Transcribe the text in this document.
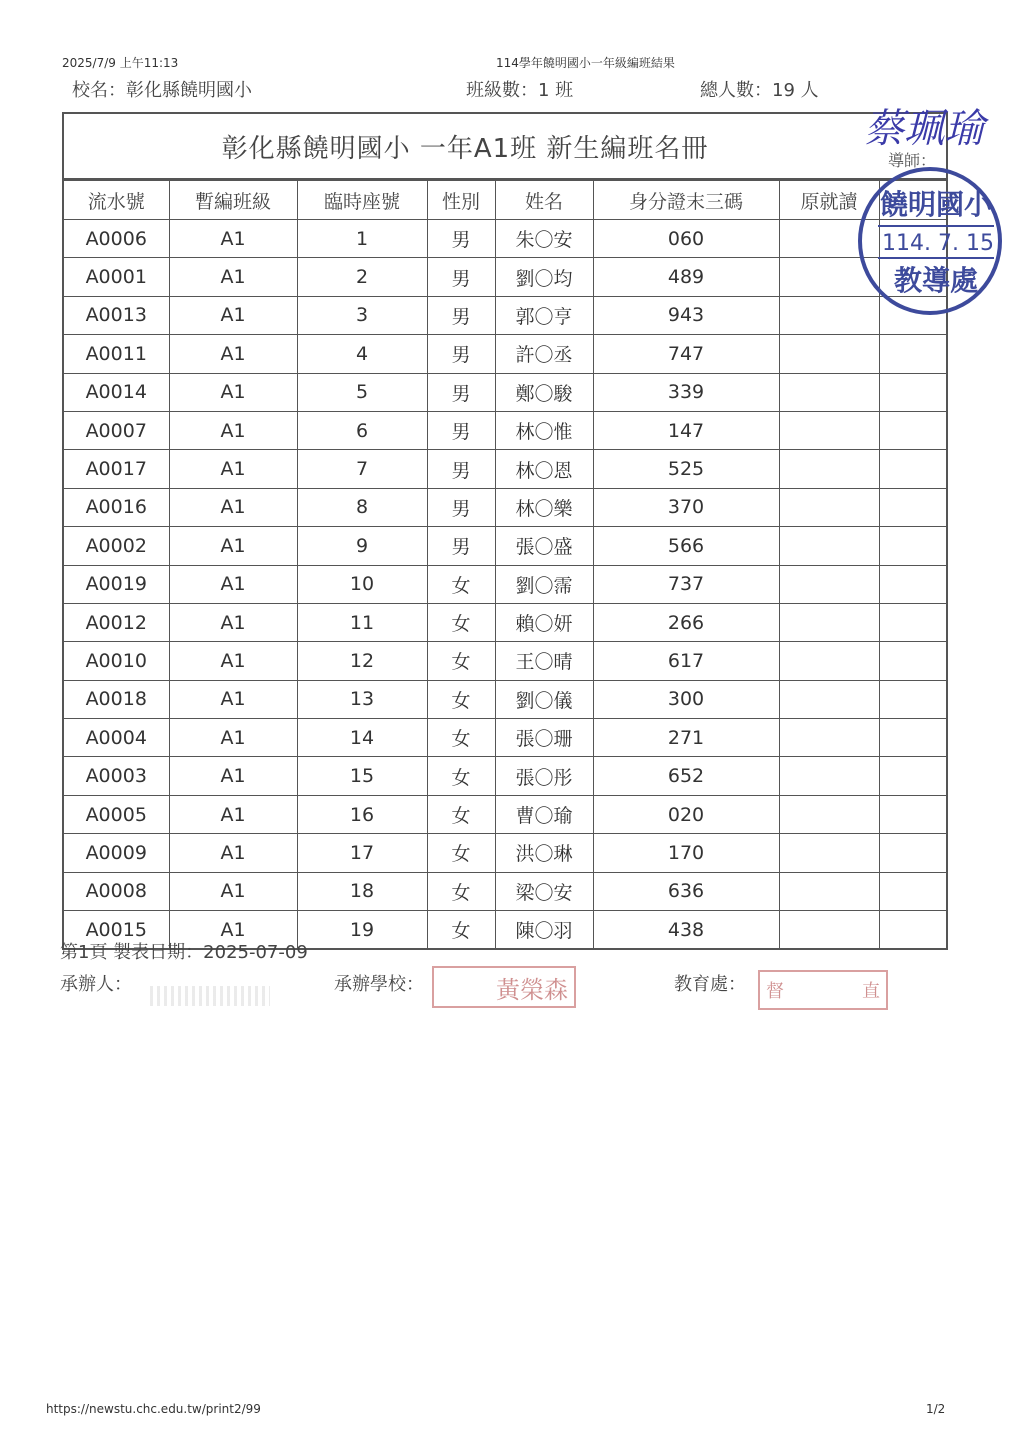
2025/7/9 上午11:13	114學年饒明國小一年級編班結果
校名：彰化縣饒明國小	班級數：1 班	總人數：19 人
彰化縣饒明國小 一年A1班 新生編班名冊	導師：
流水號	暫編班級	臨時座號	性別	姓名	身分證末三碼	原就讀	
A0006	A1	1	男	朱〇安	060		
A0001	A1	2	男	劉〇均	489		
A0013	A1	3	男	郭〇亨	943		
A0011	A1	4	男	許〇丞	747		
A0014	A1	5	男	鄭〇駿	339		
A0007	A1	6	男	林〇惟	147		
A0017	A1	7	男	林〇恩	525		
A0016	A1	8	男	林〇樂	370		
A0002	A1	9	男	張〇盛	566		
A0019	A1	10	女	劉〇霈	737		
A0012	A1	11	女	賴〇妍	266		
A0010	A1	12	女	王〇晴	617		
A0018	A1	13	女	劉〇儀	300		
A0004	A1	14	女	張〇珊	271		
A0003	A1	15	女	張〇彤	652		
A0005	A1	16	女	曹〇瑜	020		
A0009	A1	17	女	洪〇琳	170		
A0008	A1	18	女	梁〇安	636		
A0015	A1	19	女	陳〇羽	438		
第1頁 製表日期：2025-07-09
承辦人：	承辦學校：	黃榮森	教育處： 督	直
蔡珮瑜
饒明國小
114. 7. 15
教導處
https://newstu.chc.edu.tw/print2/99	1/2
